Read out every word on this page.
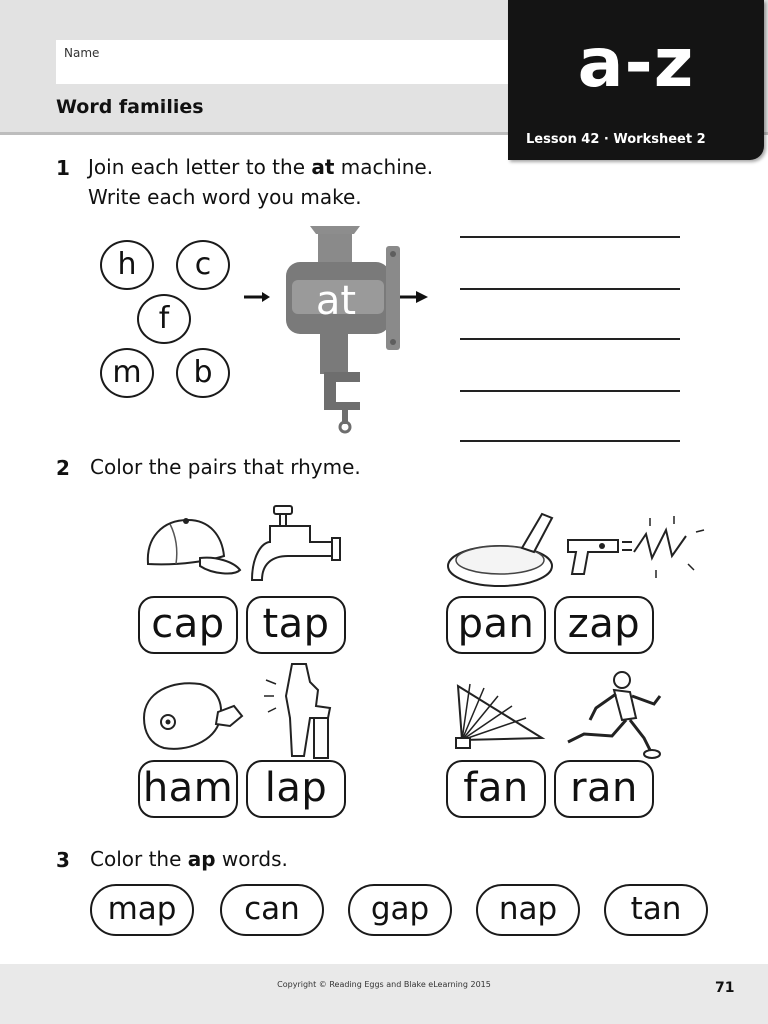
Name
Word families
a-z
Lesson 42 · Worksheet 2
1 Join each letter to the at machine.
Write each word you make.
h	c
f
m	b
at
2 Color the pairs that rhyme.
cap tap	pan zap
ham lap	fan	ran
3 Color the ap words.
map	can	gap	nap	tan
Copyright © Reading Eggs and Blake eLearning 2015	71
